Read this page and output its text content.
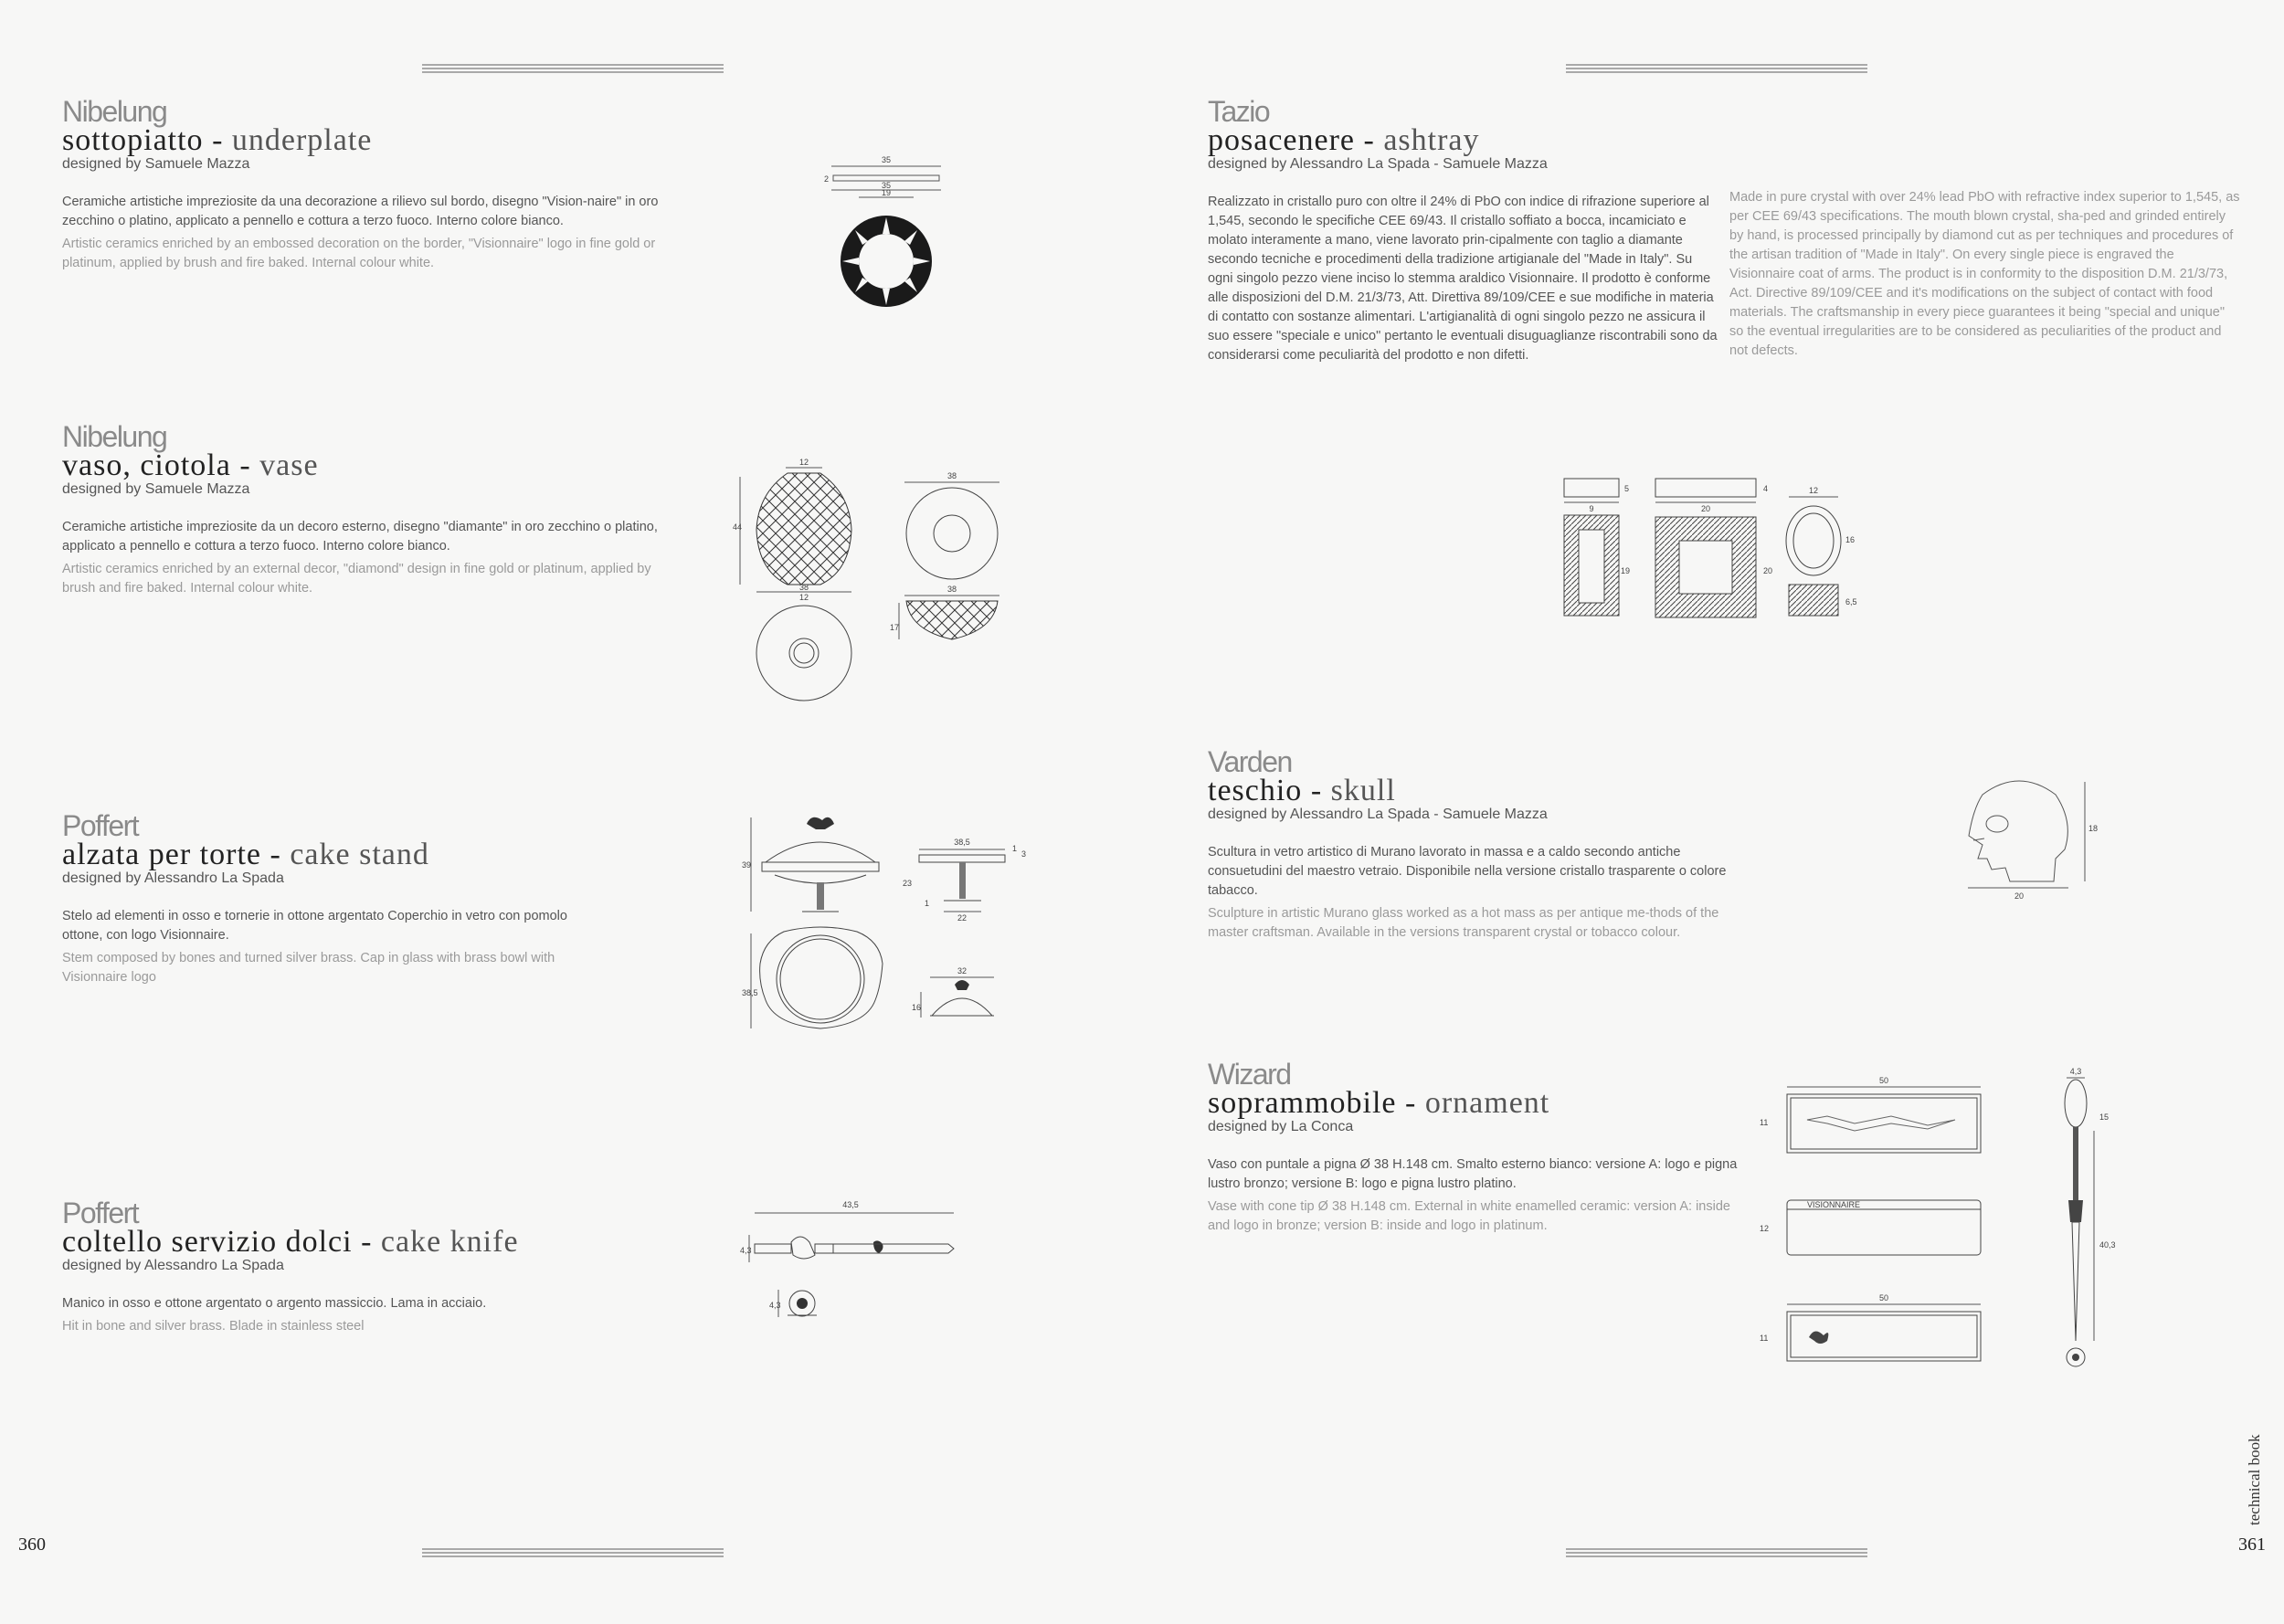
Nibelung
sottopiatto - underplate
designed by Samuele Mazza
Ceramiche artistiche impreziosite da una decorazione a rilievo sul bordo, disegno "Vision-naire" in oro zecchino o platino, applicato a pennello e cottura a terzo fuoco. Interno colore bianco.
Artistic ceramics enriched by an embossed decoration on the border, "Visionnaire" logo in fine gold or platinum, applied by brush and fire baked. Internal colour white.
35
2
35
19
Nibelung
vaso, ciotola - vase
designed by Samuele Mazza
Ceramiche artistiche impreziosite da un decoro esterno, disegno "diamante" in oro zecchino o platino, applicato a pennello e cottura a terzo fuoco. Interno colore bianco.
Artistic ceramics enriched by an external decor, "diamond" design in fine gold or platinum, applied by brush and fire baked. Internal colour white.
12
44
38
12
38
38
17
Poffert
alzata per torte - cake stand
designed by Alessandro La Spada
Stelo ad elementi in osso e tornerie in ottone argentato Coperchio in vetro con pomolo ottone, con logo Visionnaire.
Stem composed by bones and turned silver brass. Cap in glass with brass bowl with Visionnaire logo
39
38,5
1
3
23
1
22
38,5
32
16
Poffert
coltello servizio dolci - cake knife
designed by Alessandro La Spada
Manico in osso e ottone argentato o argento massiccio. Lama in acciaio.
Hit in bone and silver brass. Blade in stainless steel
43,5
4,3
4,3
360
Tazio
posacenere - ashtray
designed by Alessandro La Spada - Samuele Mazza
Realizzato in cristallo puro con oltre il 24% di PbO con indice di rifrazione superiore al 1,545, secondo le specifiche CEE 69/43. Il cristallo soffiato a bocca, incamiciato e molato interamente a mano, viene lavorato prin-cipalmente con taglio a diamante secondo tecniche e procedimenti della tradizione artigianale del "Made in Italy". Su ogni singolo pezzo viene inciso lo stemma araldico Visionnaire. Il prodotto è conforme alle disposizioni del D.M. 21/3/73, Att. Direttiva 89/109/CEE e sue modifiche in materia di contatto con sostanze alimentari. L'artigianalità di ogni singolo pezzo ne assicura il suo essere "speciale e unico" pertanto le eventuali disuguaglianze riscontrabili sono da considerarsi come peculiarità del prodotto e non difetti.
Made in pure crystal with over 24% lead PbO with refractive index superior to 1,545, as per CEE 69/43 specifications. The mouth blown crystal, sha-ped and grinded entirely by hand, is processed principally by diamond cut as per techniques and procedures of the artisan tradition of "Made in Italy". On every single piece is engraved the Visionnaire coat of arms. The product is in conformity to the disposition D.M. 21/3/73, Act. Directive 89/109/CEE and it's modifications on the subject of contact with food materials. The craftsmanship in every piece guarantees it being "special and unique" so the eventual irregularities are to be considered as peculiarities of the product and not defects.
5
9
19
4
20
20
12
16
6,5
Varden
teschio - skull
designed by Alessandro La Spada - Samuele Mazza
Scultura in vetro artistico di Murano lavorato in massa e a caldo secondo antiche consuetudini del maestro vetraio. Disponibile nella versione cristallo trasparente o colore tabacco.
Sculpture in artistic Murano glass worked as a hot mass as per antique me-thods of the master craftsman. Available in the versions transparent crystal or tobacco colour.
18
20
Wizard
soprammobile - ornament
designed by La Conca
Vaso con puntale a pigna Ø 38 H.148 cm. Smalto esterno bianco: versione A: logo e pigna lustro bronzo; versione B: logo e pigna lustro platino.
Vase with cone tip Ø 38 H.148 cm. External in white enamelled ceramic: version A: inside and logo in bronze; version B: inside and logo in platinum.
50
11
12
VISIONNAIRE
50
11
4,3
15
40,3
361
technical book
